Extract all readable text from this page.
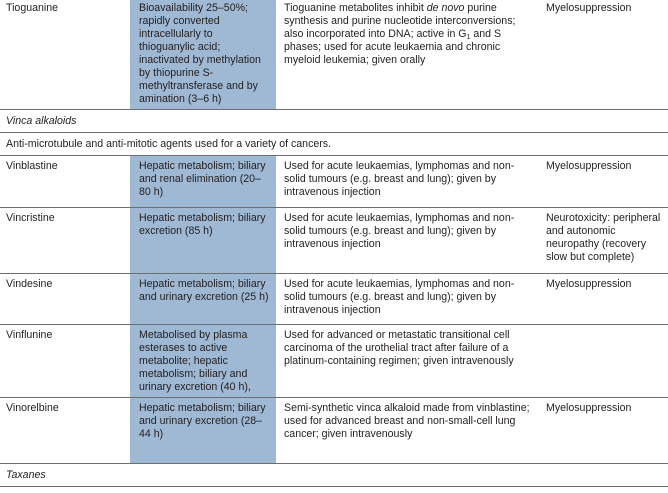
Tioguanine	Bioavailability 25–50%; rapidly converted intracellularly to thioguanylic acid; inactivated by methylation by thiopurine S-methyltransferase and by amination (3–6 h)	Tioguanine metabolites inhibit de novo purine synthesis and purine nucleotide interconversions; also incorporated into DNA; active in $G_1$ and S phases; used for acute leukaemia and chronic myeloid leukemia; given orally	Myelosuppression
Vinca alkaloids			
Anti-microtubule and anti-mitotic agents used for a variety of cancers.			
Vinblastine	Hepatic metabolism; biliary and renal elimination (20–80 h)	Used for acute leukaemias, lymphomas and non-solid tumours (e.g. breast and lung); given by intravenous injection	Myelosuppression
Vincristine	Hepatic metabolism; biliary excretion (85 h)	Used for acute leukaemias, lymphomas and non-solid tumours (e.g. breast and lung); given by intravenous injection	Neurotoxicity: peripheral and autonomic neuropathy (recovery slow but complete)
Vindesine	Hepatic metabolism; biliary and urinary excretion (25 h)	Used for acute leukaemias, lymphomas and non-solid tumours (e.g. breast and lung); given by intravenous injection	Myelosuppression
Vinflunine	Metabolised by plasma esterases to active metabolite; hepatic metabolism; biliary and urinary excretion (40 h),	Used for advanced or metastatic transitional cell carcinoma of the urothelial tract after failure of a platinum-containing regimen; given intravenously	
Vinorelbine	Hepatic metabolism; biliary and urinary excretion (28–44 h)	Semi-synthetic vinca alkaloid made from vinblastine; used for advanced breast and non-small-cell lung cancer; given intravenously	Myelosuppression
Taxanes			
